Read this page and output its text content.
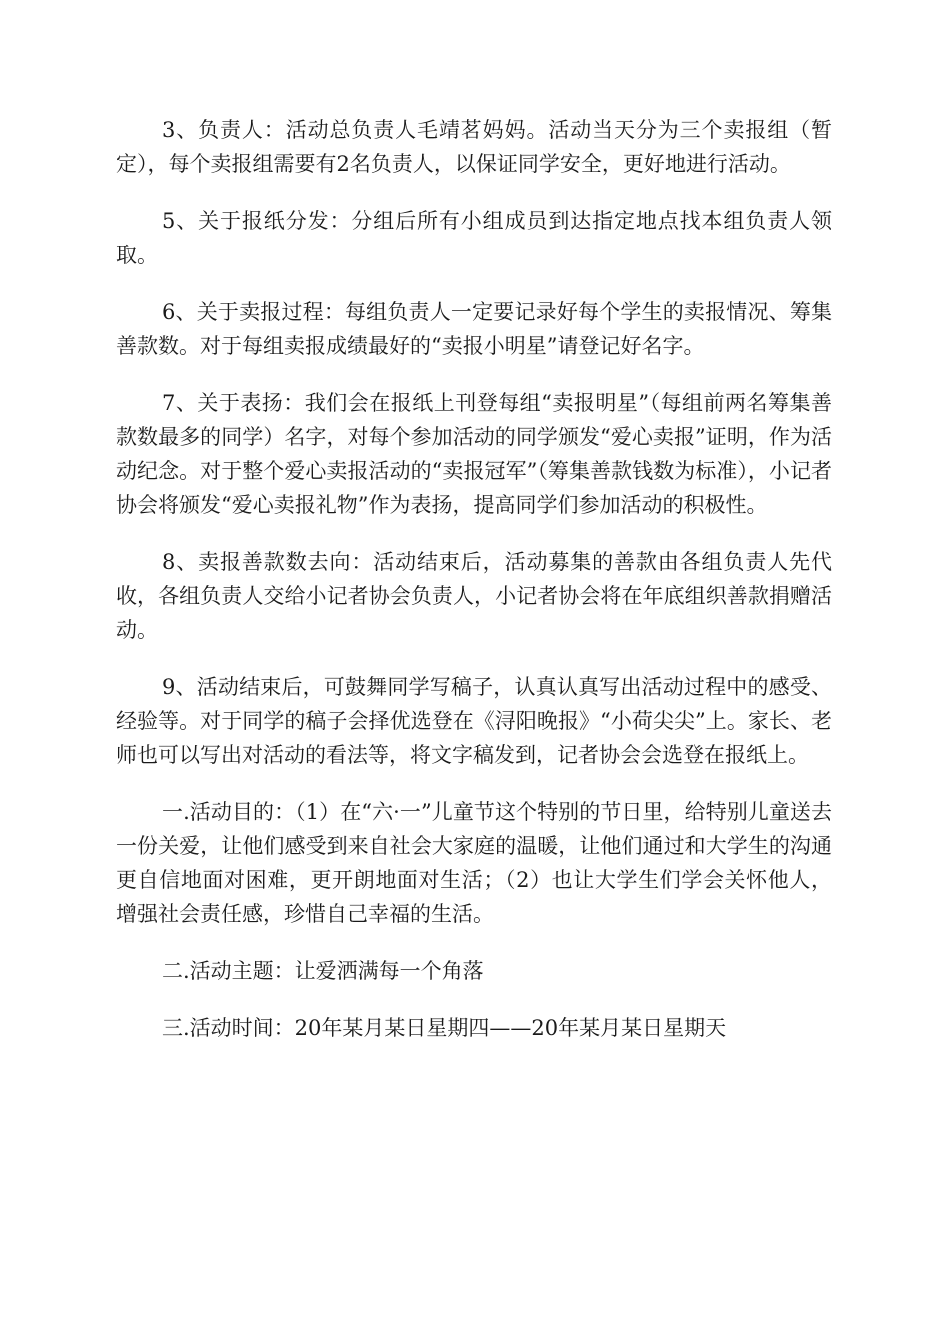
3、负责人：活动总负责人毛靖茗妈妈。活动当天分为三个卖报组（暂定），每个卖报组需要有2名负责人，以保证同学安全，更好地进行活动。

5、关于报纸分发：分组后所有小组成员到达指定地点找本组负责人领取。

6、关于卖报过程：每组负责人一定要记录好每个学生的卖报情况、筹集善款数。对于每组卖报成绩最好的“卖报小明星”请登记好名字。

7、关于表扬：我们会在报纸上刊登每组“卖报明星”（每组前两名筹集善款数最多的同学）名字，对每个参加活动的同学颁发“爱心卖报”证明，作为活动纪念。对于整个爱心卖报活动的“卖报冠军”（筹集善款钱数为标准），小记者协会将颁发“爱心卖报礼物”作为表扬，提高同学们参加活动的积极性。

8、卖报善款数去向：活动结束后，活动募集的善款由各组负责人先代收，各组负责人交给小记者协会负责人，小记者协会将在年底组织善款捐赠活动。

9、活动结束后，可鼓舞同学写稿子，认真认真写出活动过程中的感受、经验等。对于同学的稿子会择优选登在《浔阳晚报》“小荷尖尖”上。家长、老师也可以写出对活动的看法等，将文字稿发到，记者协会会选登在报纸上。

一.活动目的：（1）在“六·一”儿童节这个特别的节日里，给特别儿童送去一份关爱，让他们感受到来自社会大家庭的温暖，让他们通过和大学生的沟通更自信地面对困难，更开朗地面对生活；（2）也让大学生们学会关怀他人，增强社会责任感，珍惜自己幸福的生活。

二.活动主题：让爱洒满每一个角落

三.活动时间：20年某月某日星期四——20年某月某日星期天
